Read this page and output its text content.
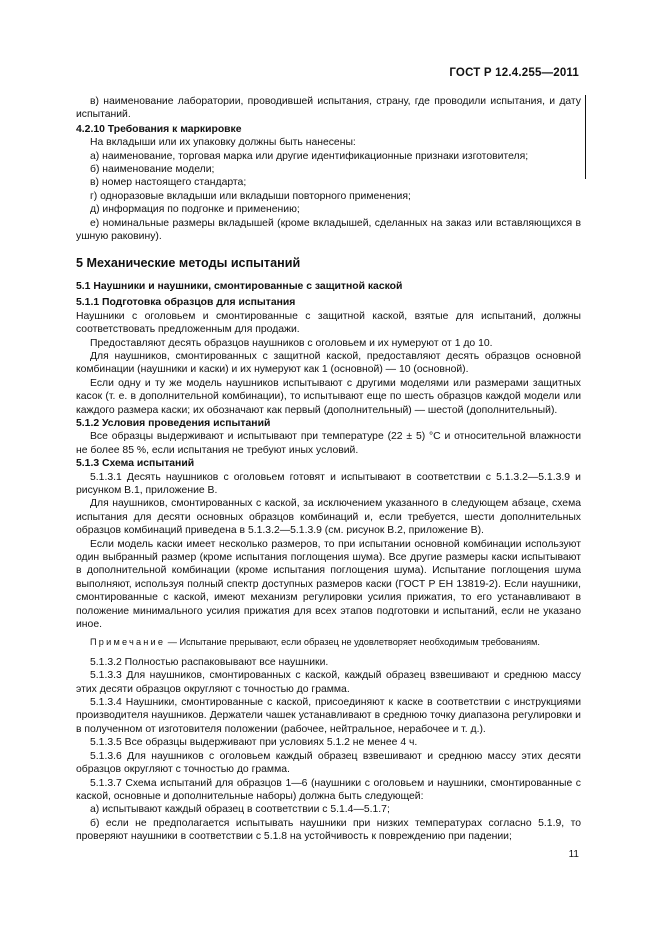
ГОСТ Р 12.4.255—2011

в) наименование лаборатории, проводившей испытания, страну, где проводили испытания, и дату испытаний.

4.2.10 Требования к маркировке

На вкладыши или их упаковку должны быть нанесены:

а) наименование, торговая марка или другие идентификационные признаки изготовителя;

б) наименование модели;

в) номер настоящего стандарта;

г) одноразовые вкладыши или вкладыши повторного применения;

д) информация по подгонке и применению;

е) номинальные размеры вкладышей (кроме вкладышей, сделанных на заказ или вставляющихся в ушную раковину).

5 Механические методы испытаний

5.1 Наушники и наушники, смонтированные с защитной каской

5.1.1 Подготовка образцов для испытания

Наушники с оголовьем и смонтированные с защитной каской, взятые для испытаний, должны соответствовать предложенным для продажи.

Предоставляют десять образцов наушников с оголовьем и их нумеруют от 1 до 10.

Для наушников, смонтированных с защитной каской, предоставляют десять образцов основной комбинации (наушники и каски) и их нумеруют как 1 (основной) — 10 (основной).

Если одну и ту же модель наушников испытывают с другими моделями или размерами защитных касок (т. е. в дополнительной комбинации), то испытывают еще по шесть образцов каждой модели или каждого размера каски; их обозначают как первый (дополнительный) — шестой (дополнительный).

5.1.2 Условия проведения испытаний

Все образцы выдерживают и испытывают при температуре (22 ± 5) °С и относительной влажности не более 85 %, если испытания не требуют иных условий.

5.1.3 Схема испытаний

5.1.3.1 Десять наушников с оголовьем готовят и испытывают в соответствии с 5.1.3.2—5.1.3.9 и рисунком В.1, приложение В.

Для наушников, смонтированных с каской, за исключением указанного в следующем абзаце, схема испытания для десяти основных образцов комбинаций и, если требуется, шести дополнительных образцов комбинаций приведена в 5.1.3.2—5.1.3.9 (см. рисунок В.2, приложение В).

Если модель каски имеет несколько размеров, то при испытании основной комбинации используют один выбранный размер (кроме испытания поглощения шума). Все другие размеры каски испытывают в дополнительной комбинации (кроме испытания поглощения шума). Испытание поглощения шума выполняют, используя полный спектр доступных размеров каски (ГОСТ Р ЕН 13819-2). Если наушники, смонтированные с каской, имеют механизм регулировки усилия прижатия, то его устанавливают в положение минимального усилия прижатия для всех этапов подготовки и испытаний, если не указано иное.

Примечание — Испытание прерывают, если образец не удовлетворяет необходимым требованиям.

5.1.3.2 Полностью распаковывают все наушники.

5.1.3.3 Для наушников, смонтированных с каской, каждый образец взвешивают и среднюю массу этих десяти образцов округляют с точностью до грамма.

5.1.3.4 Наушники, смонтированные с каской, присоединяют к каске в соответствии с инструкциями производителя наушников. Держатели чашек устанавливают в среднюю точку диапазона регулировки и в полученном от изготовителя положении (рабочее, нейтральное, нерабочее и т. д.).

5.1.3.5 Все образцы выдерживают при условиях 5.1.2 не менее 4 ч.

5.1.3.6 Для наушников с оголовьем каждый образец взвешивают и среднюю массу этих десяти образцов округляют с точностью до грамма.

5.1.3.7 Схема испытаний для образцов 1—6 (наушники с оголовьем и наушники, смонтированные с каской, основные и дополнительные наборы) должна быть следующей:

а) испытывают каждый образец в соответствии с 5.1.4—5.1.7;

б) если не предполагается испытывать наушники при низких температурах согласно 5.1.9, то проверяют наушники в соответствии с 5.1.8 на устойчивость к повреждению при падении;

11
